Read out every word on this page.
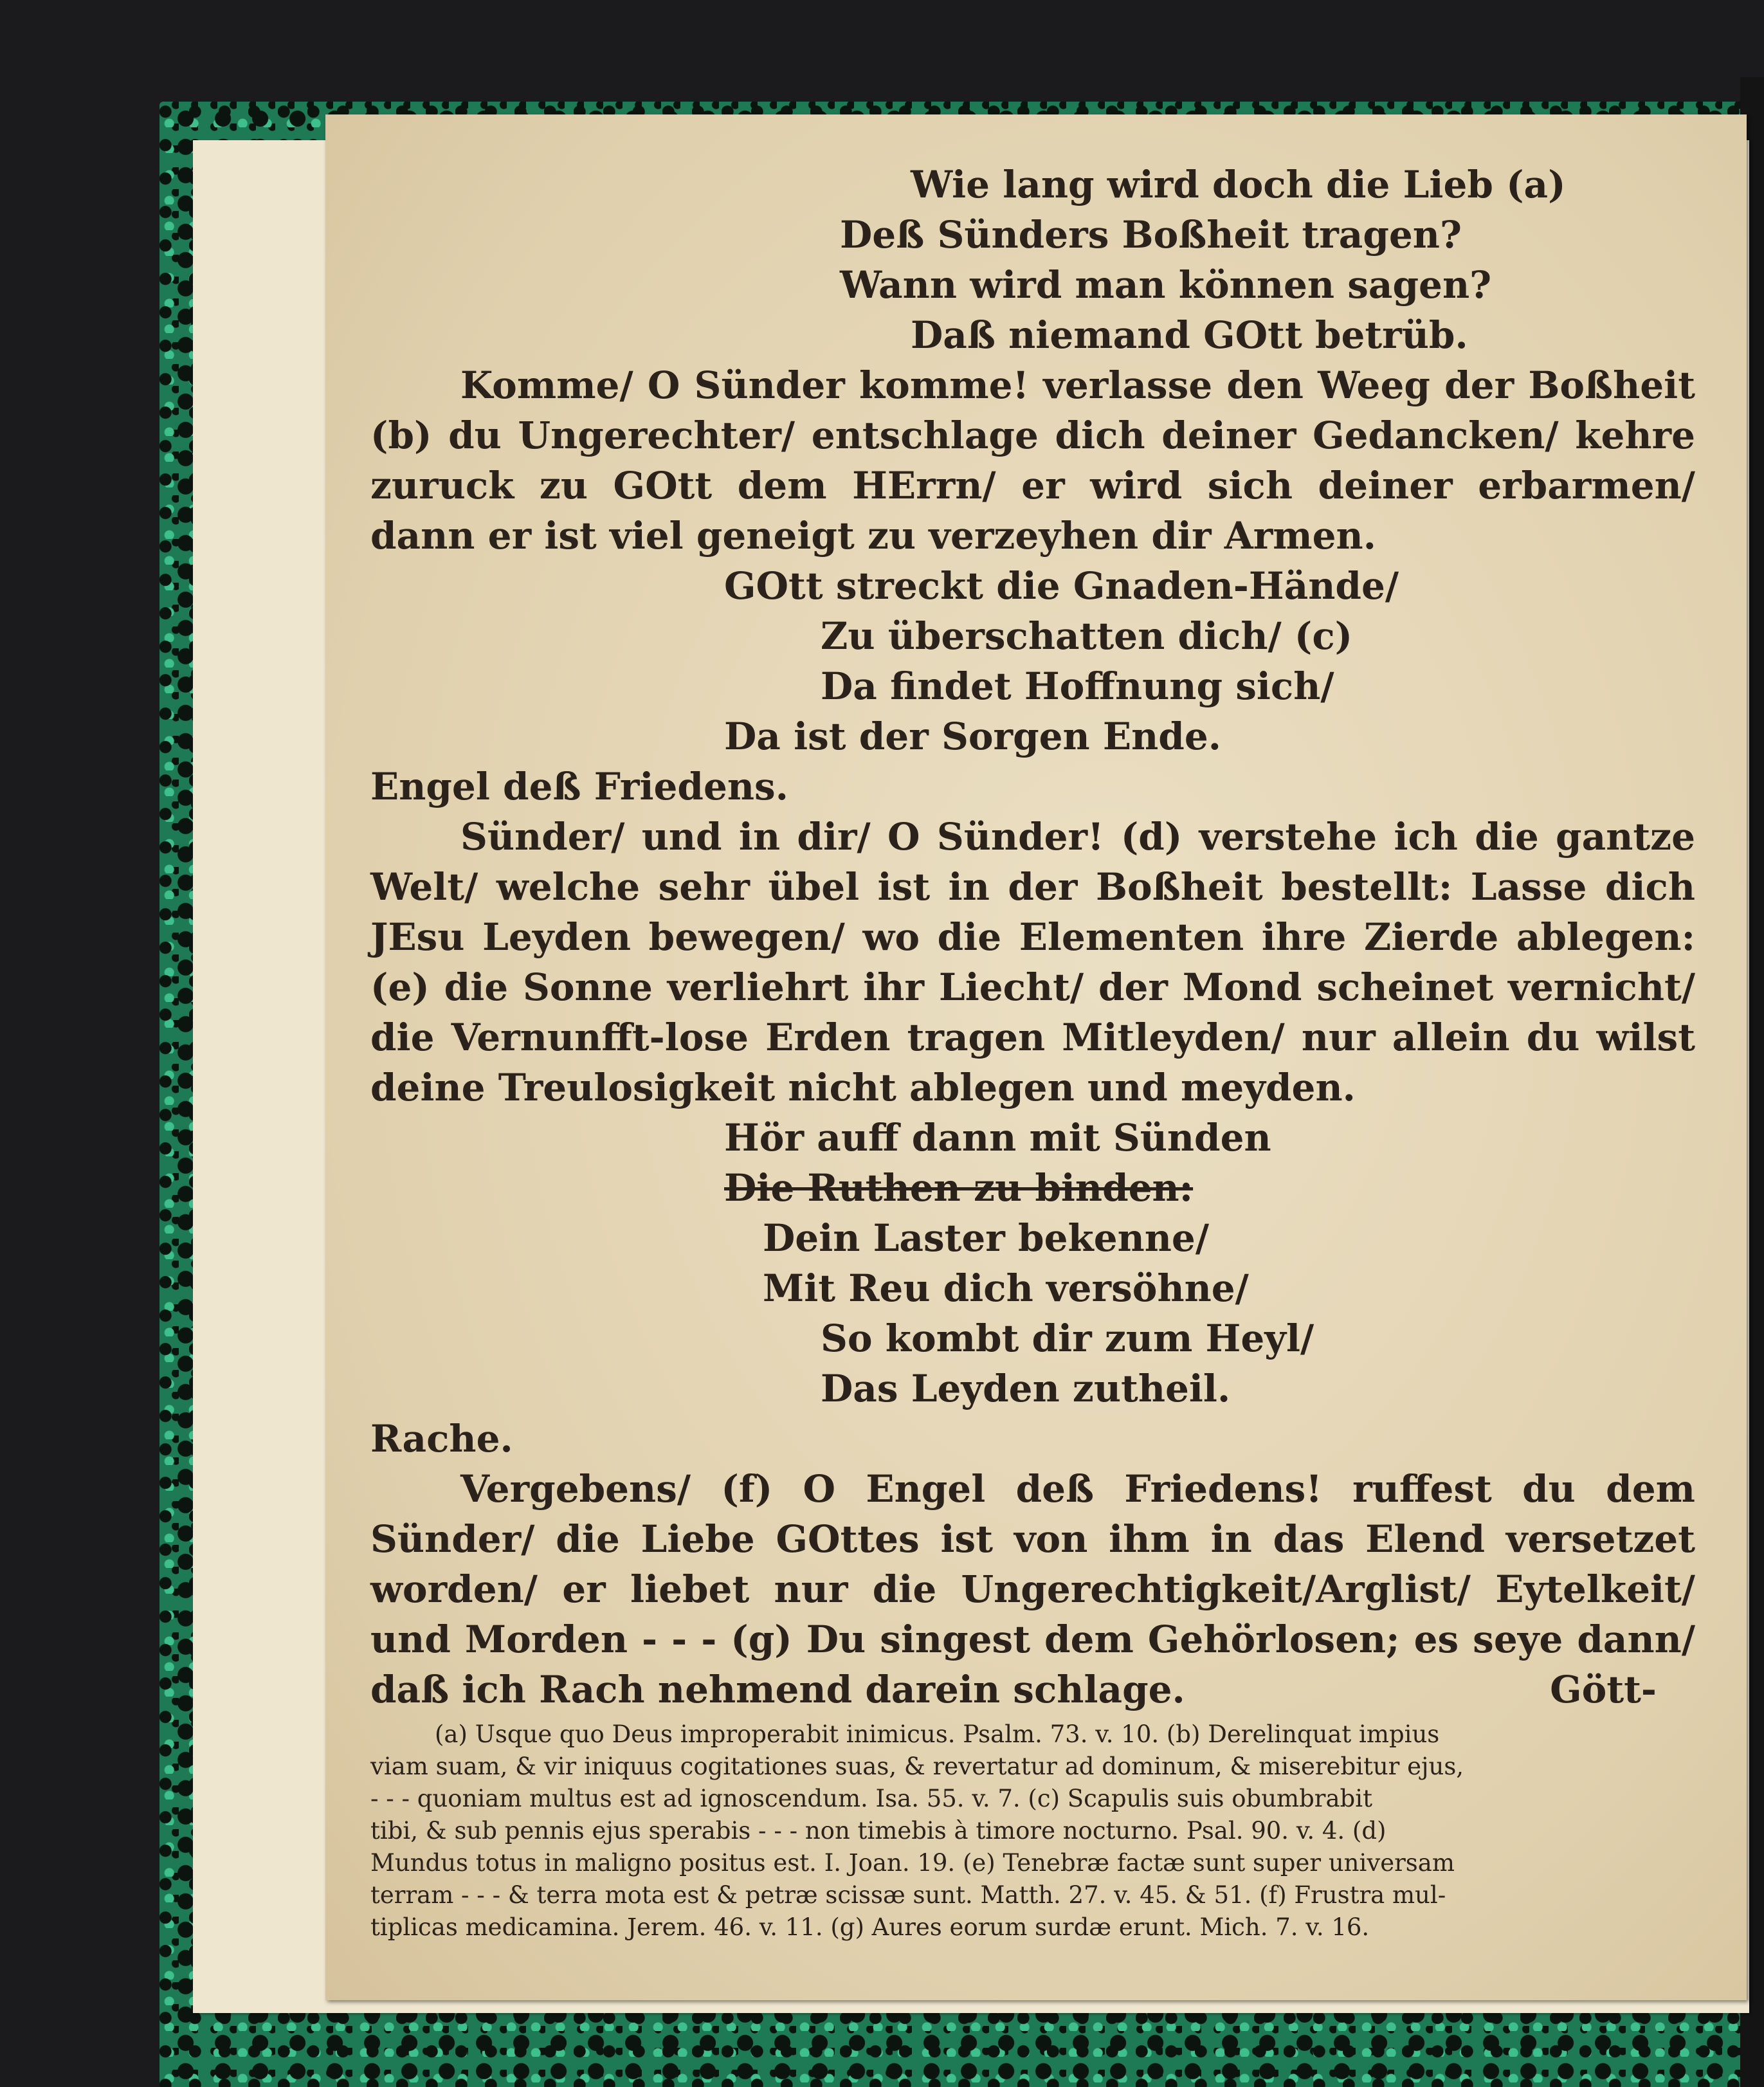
Wie lang wird doch die Lieb (a)
Deß Sünders Boßheit tragen?
Wann wird man können sagen?
Daß niemand GOtt betrüb.

Komme/ O Sünder komme! verlasse den Weeg der Boßheit (b) du Ungerechter/ entschlage dich deiner Gedancken/ kehre zuruck zu GOtt dem HErrn/ er wird sich deiner erbarmen/ dann er ist viel geneigt zu verzeyhen dir Armen.

GOtt streckt die Gnaden-Hände/
Zu überschatten dich/ (c)
Da findet Hoffnung sich/
Da ist der Sorgen Ende.

Engel deß Friedens.

Sünder/ und in dir/ O Sünder! (d) verstehe ich die gantze Welt/ welche sehr übel ist in der Boßheit bestellt: Lasse dich JEsu Leyden bewegen/ wo die Elementen ihre Zierde ablegen: (e) die Sonne verliehrt ihr Liecht/ der Mond scheinet vernicht/ die Vernunfft-lose Erden tragen Mitleyden/ nur allein du wilst deine Treulosigkeit nicht ablegen und meyden.

Hör auff dann mit Sünden
Die Ruthen zu binden:
Dein Laster bekenne/
Mit Reu dich versöhne/
So kombt dir zum Heyl/
Das Leyden zutheil.

Rache.

Vergebens/ (f) O Engel deß Friedens! ruffest du dem Sünder/ die Liebe GOttes ist von ihm in das Elend versetzet worden/ er liebet nur die Ungerechtigkeit/Arglist/ Eytelkeit/ und Morden - - - (g) Du singest dem Gehörlosen; es seye dann/ daß ich Rach nehmend darein schlage.	Gött-

(a) Usque quo Deus improperabit inimicus. Psalm. 73. v. 10. (b) Derelinquat impius
viam suam, & vir iniquus cogitationes suas, & revertatur ad dominum, & miserebitur ejus,
- - - quoniam multus est ad ignoscendum. Isa. 55. v. 7. (c) Scapulis suis obumbrabit
tibi, & sub pennis ejus sperabis - - - non timebis à timore nocturno. Psal. 90. v. 4. (d)
Mundus totus in maligno positus est. I. Joan. 19. (e) Tenebræ factæ sunt super universam
terram - - - & terra mota est & petræ scissæ sunt. Matth. 27. v. 45. & 51. (f) Frustra mul-
tiplicas medicamina. Jerem. 46. v. 11. (g) Aures eorum surdæ erunt. Mich. 7. v. 16.
